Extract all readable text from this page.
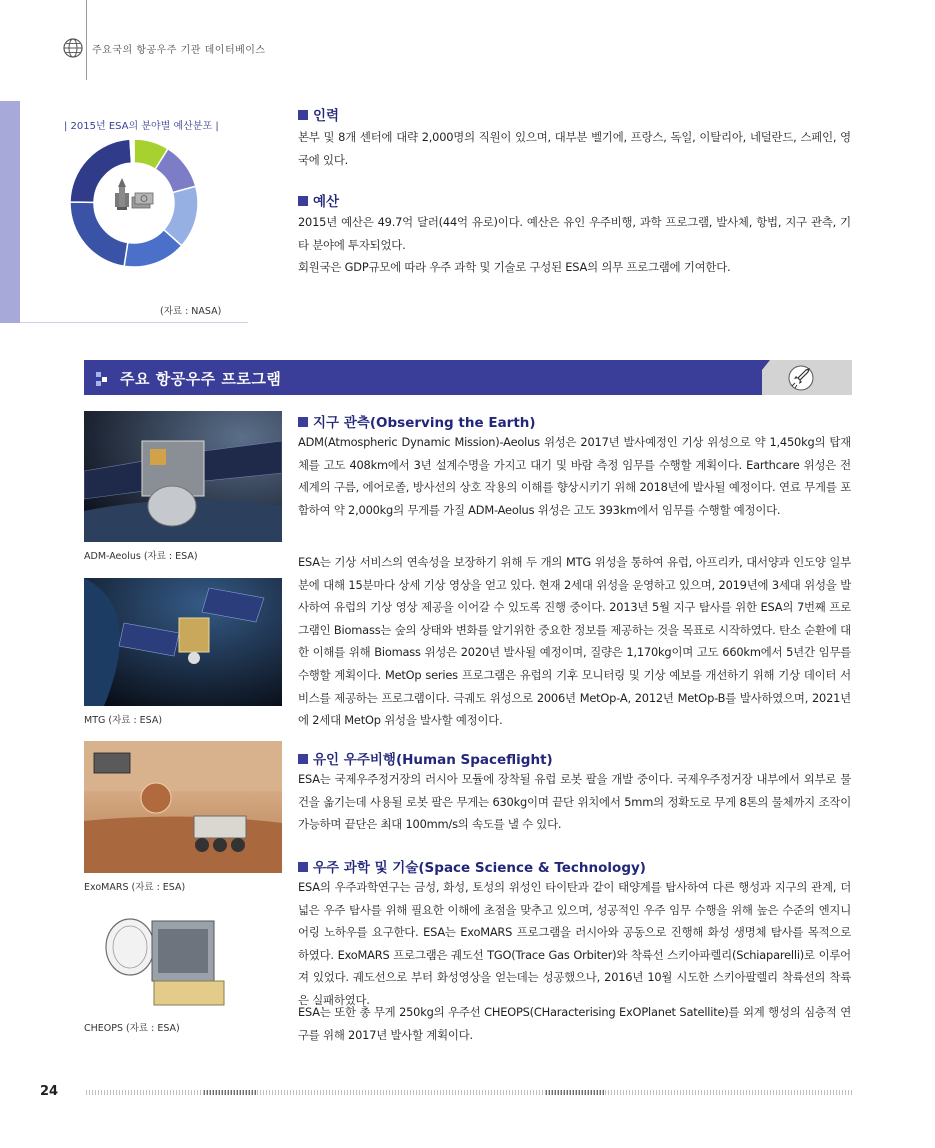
주요국의 항공우주 기관 데이터베이스
| 2015년 ESA의 분야별 예산분포 |
(자료 : NASA)
인력
본부 및 8개 센터에 대략 2,000명의 직원이 있으며, 대부분 벨기에, 프랑스, 독일, 이탈리아, 네덜란드, 스페인, 영국에 있다.
예산
2015년 예산은 49.7억 달러(44억 유로)이다. 예산은 유인 우주비행, 과학 프로그램, 발사체, 항법, 지구 관측, 기타 분야에 투자되었다.
회원국은 GDP규모에 따라 우주 과학 및 기술로 구성된 ESA의 의무 프로그램에 기여한다.
주요 항공우주 프로그램
ADM-Aeolus (자료 : ESA)
MTG (자료 : ESA)
ExoMARS (자료 : ESA)
CHEOPS (자료 : ESA)
지구 관측(Observing the Earth)
ADM(Atmospheric Dynamic Mission)-Aeolus 위성은 2017년 발사예정인 기상 위성으로 약 1,450kg의 탑재체를 고도 408km에서 3년 설계수명을 가지고 대기 및 바람 측정 임무를 수행할 계획이다. Earthcare 위성은 전 세계의 구름, 에어로졸, 방사선의 상호 작용의 이해를 향상시키기 위해 2018년에 발사될 예정이다. 연료 무게를 포함하여 약 2,000kg의 무게를 가질 ADM-Aeolus 위성은 고도 393km에서 임무를 수행할 예정이다.
ESA는 기상 서비스의 연속성을 보장하기 위해 두 개의 MTG 위성을 통하여 유럽, 아프리카, 대서양과 인도양 일부분에 대해 15분마다 상세 기상 영상을 얻고 있다. 현재 2세대 위성을 운영하고 있으며, 2019년에 3세대 위성을 발사하여 유럽의 기상 영상 제공을 이어갈 수 있도록 진행 중이다. 2013년 5월 지구 탐사를 위한 ESA의 7번째 프로그램인 Biomass는 숲의 상태와 변화를 알기위한 중요한 정보를 제공하는 것을 목표로 시작하였다. 탄소 순환에 대한 이해를 위해 Biomass 위성은 2020년 발사될 예정이며, 질량은 1,170kg이며 고도 660km에서 5년간 임무를 수행할 계획이다. MetOp series 프로그램은 유럽의 기후 모니터링 및 기상 예보를 개선하기 위해 기상 데이터 서비스를 제공하는 프로그램이다. 극궤도 위성으로 2006년 MetOp-A, 2012년 MetOp-B를 발사하였으며, 2021년에 2세대 MetOp 위성을 발사할 예정이다.
유인 우주비행(Human Spaceflight)
ESA는 국제우주정거장의 러시아 모듈에 장착될 유럽 로봇 팔을 개발 중이다. 국제우주정거장 내부에서 외부로 물건을 옮기는데 사용될 로봇 팔은 무게는 630kg이며 끝단 위치에서 5mm의 정확도로 무게 8톤의 물체까지 조작이 가능하며 끝단은 최대 100mm/s의 속도를 낼 수 있다.
우주 과학 및 기술(Space Science & Technology)
ESA의 우주과학연구는 금성, 화성, 토성의 위성인 타이탄과 같이 태양계를 탐사하여 다른 행성과 지구의 관계, 더 넓은 우주 탐사를 위해 필요한 이해에 초점을 맞추고 있으며, 성공적인 우주 임무 수행을 위해 높은 수준의 엔지니어링 노하우를 요구한다. ESA는 ExoMARS 프로그램을 러시아와 공동으로 진행해 화성 생명체 탐사를 목적으로 하였다. ExoMARS 프로그램은 궤도선 TGO(Trace Gas Orbiter)와 착륙선 스키아파렐리(Schiaparelli)로 이루어져 있었다. 궤도선으로 부터 화성영상을 얻는데는 성공했으나, 2016년 10월 시도한 스키아팔렐리 착륙선의 착륙은 실패하였다.
ESA는 또한 총 무게 250kg의 우주선 CHEOPS(CHaracterising ExOPlanet Satellite)를 외계 행성의 심층적 연구를 위해 2017년 발사할 계획이다.
24
